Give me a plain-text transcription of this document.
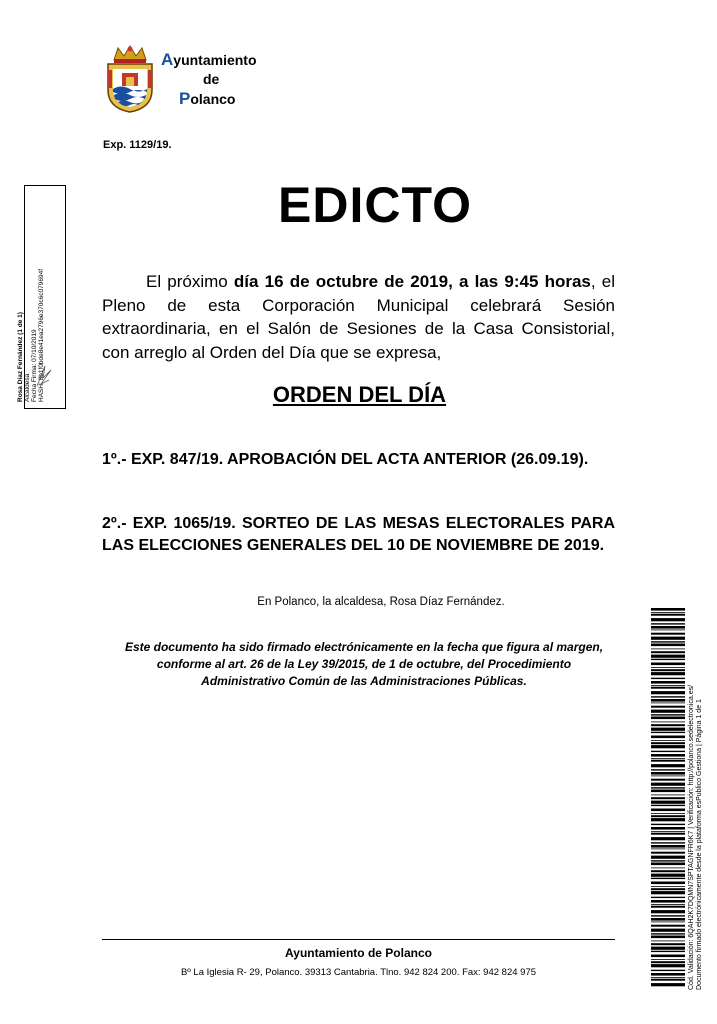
Ayuntamiento
de
Polanco
Exp. 1129/19.
EDICTO
El próximo día 16 de octubre de 2019, a las 9:45 horas, el Pleno de esta Corporación Municipal celebrará Sesión extraordinaria, en el Salón de Sesiones de la Casa Consistorial, con arreglo al Orden del Día que se expresa,
ORDEN DEL DÍA
1º.- EXP. 847/19. APROBACIÓN DEL ACTA ANTERIOR (26.09.19).
2º.- EXP. 1065/19. SORTEO DE LAS MESAS ELECTORALES PARA LAS ELECCIONES GENERALES DEL 10 DE NOVIEMBRE DE 2019.
En Polanco, la alcaldesa, Rosa Díaz Fernández.
Este documento ha sido firmado electrónicamente en la fecha que figura al margen, conforme al art. 26 de la Ley 39/2015, de 1 de octubre, del Procedimiento Administrativo Común de las Administraciones Públicas.
Ayuntamiento de Polanco
Bº La Iglesia R- 29, Polanco. 39313 Cantabria. Tlno. 942 824 200. Fax: 942 824 975
Rosa Díaz Fernández (1 de 1) Alcaldesa Fecha Firma: 07/10/2019 HASH: 8b1f0bde8e41ea2796e370c6c079694f
Cód. Validación: 6QAH2K7DQMN7SPTAGNFR6K7 | Verificación: http://polanco.sedelectronica.es/ Documento firmado electrónicamente desde la plataforma esPublico Gestiona | Página 1 de 1
